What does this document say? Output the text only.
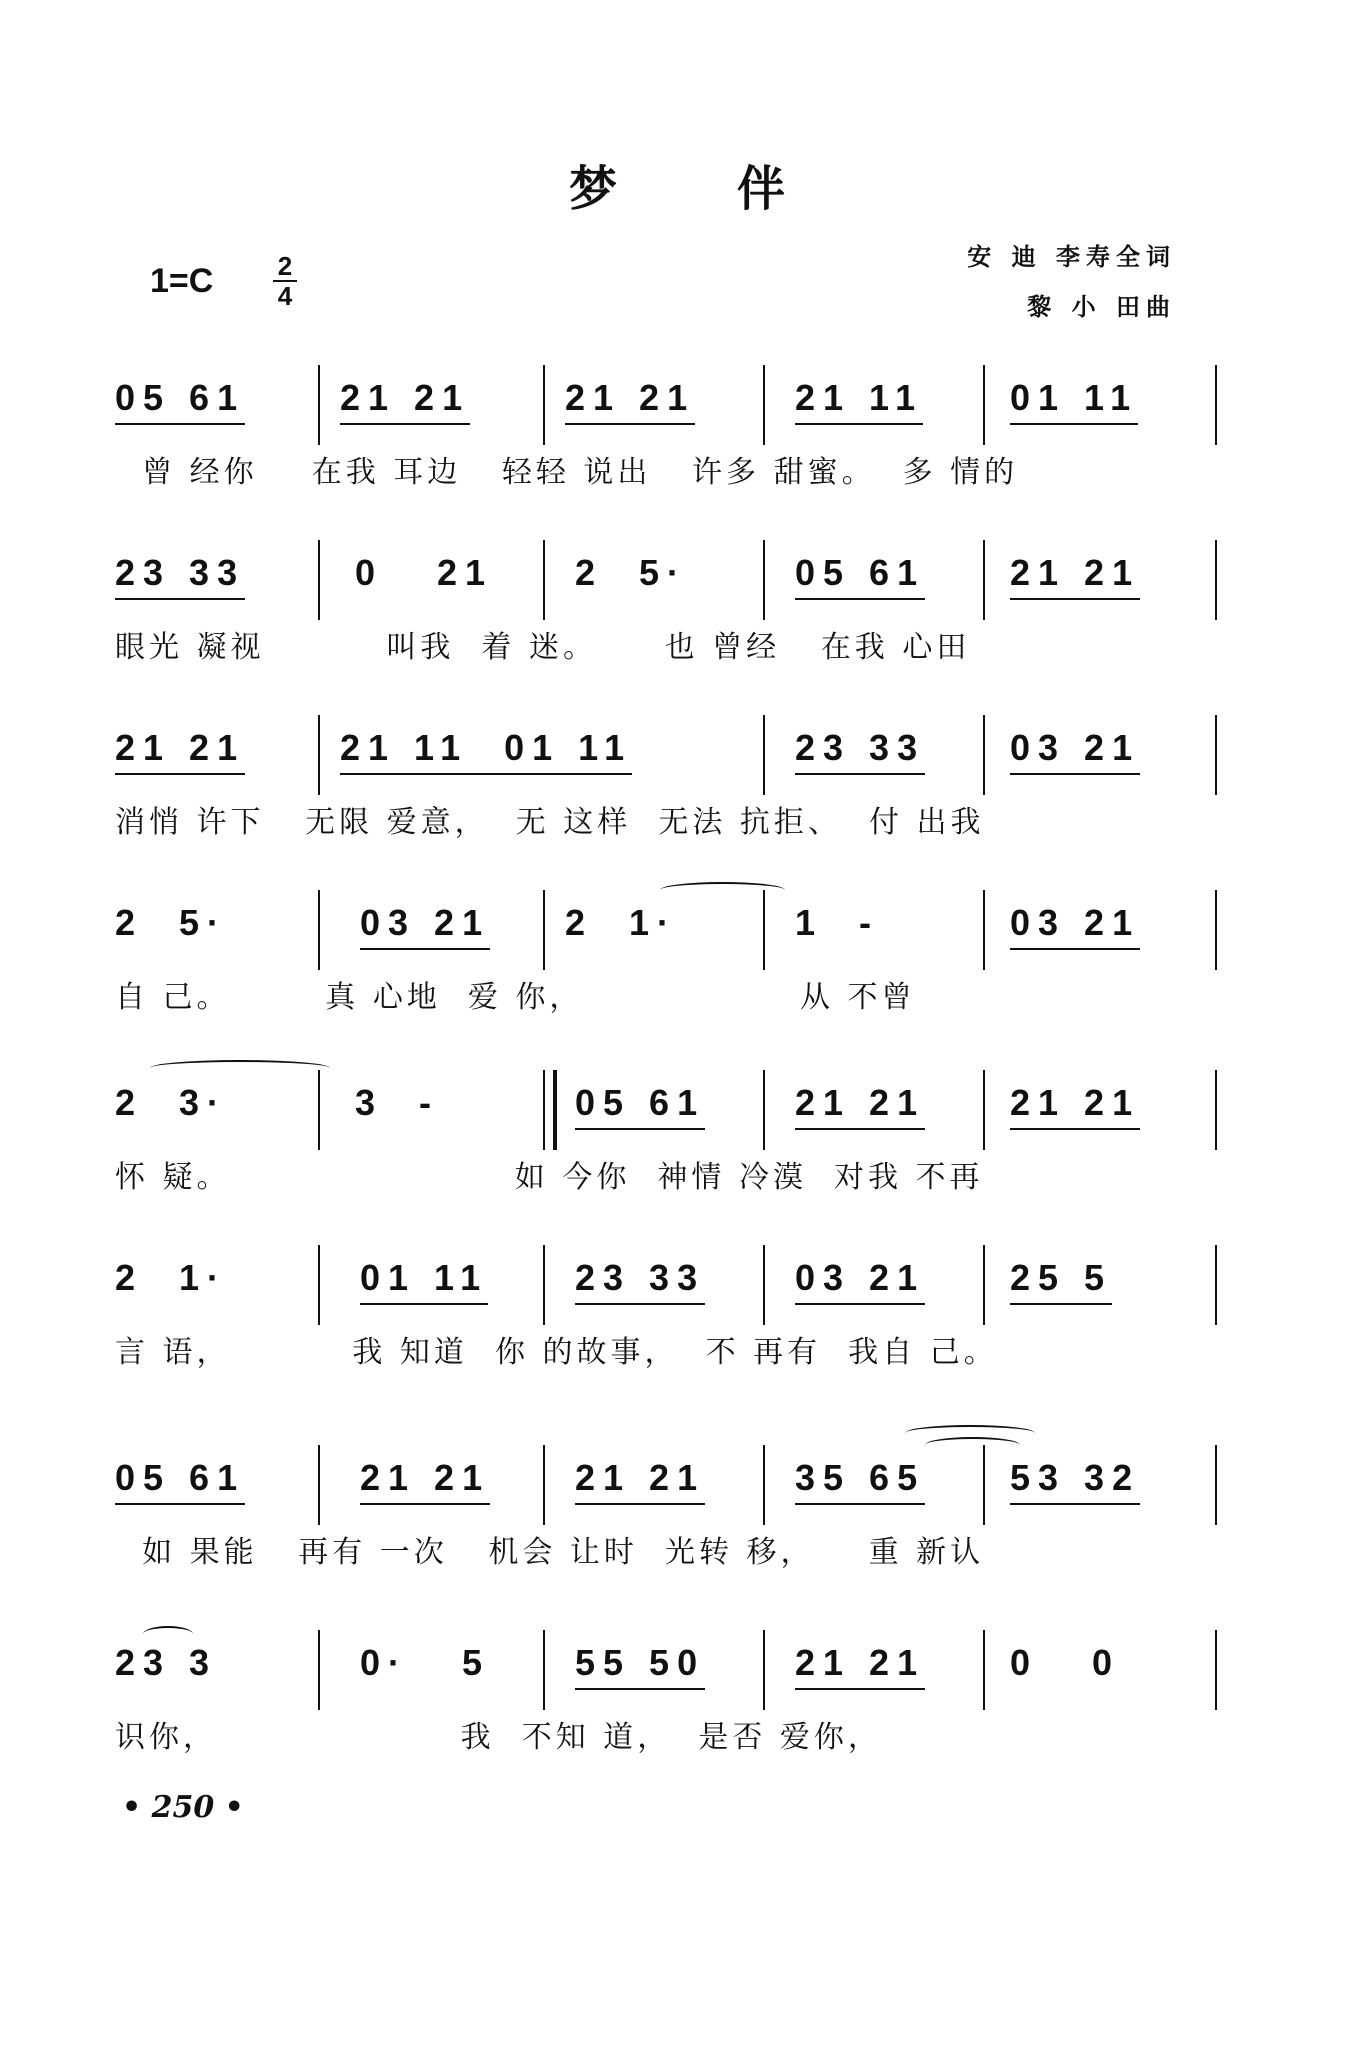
梦伴
1=C 2
4
安 迪 李寿全词
黎 小 田曲
05 61	21 21	21 21	21 11	01 11
曾 经你    在我 耳边   轻轻 说出   许多 甜蜜。  多 情的
23 33	0   21	2  5·	05 61	21 21
眼光 凝视         叫我  着 迷。     也 曾经   在我 心田
21 21	21 11  01 11	23 33	03 21
消悄 许下   无限 爱意，  无 这样  无法 抗拒、  付 出我
2  5·	03 21	2  1·	1  -	03 21
自 己。       真 心地  爱 你，                从 不曾
2  3·	3  -	05 61	21 21	21 21
怀 疑。                     如 今你  神情 冷漠  对我 不再
2  1·	01 11	23 33	03 21	25 5
言 语，         我 知道  你 的故事，  不 再有  我自 己。
05 61	21 21	21 21	35 65	53 32
如 果能   再有 一次   机会 让时  光转 移，    重 新认
23 3	0·   5	55 50	21 21	0   0
识你，                  我  不知 道，  是否 爱你，
• 250 •
